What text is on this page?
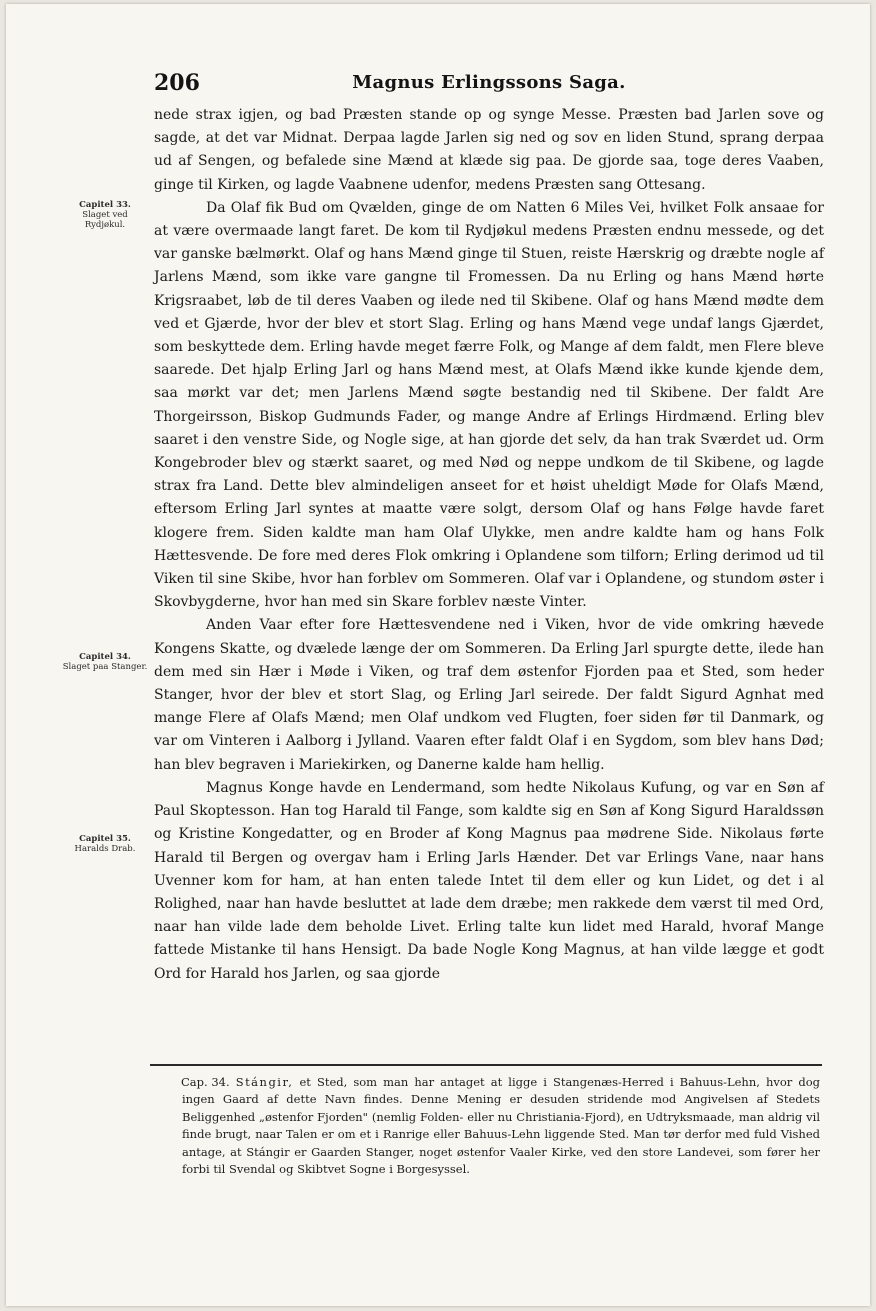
206	Magnus Erlingssons Saga.
Capitel 33.
Slaget ved Rydjøkul.
Capitel 34.
Slaget paa Stanger.
Capitel 35.
Haralds Drab.

nede strax igjen, og bad Præsten stande op og synge Messe. Præsten bad Jarlen sove og sagde, at det var Midnat. Derpaa lagde Jarlen sig ned og sov en liden Stund, sprang derpaa ud af Sengen, og befalede sine Mænd at klæde sig paa. De gjorde saa, toge deres Vaaben, ginge til Kirken, og lagde Vaabnene udenfor, medens Præsten sang Ottesang.

Da Olaf fik Bud om Qvælden, ginge de om Natten 6 Miles Vei, hvilket Folk ansaae for at være overmaade langt faret. De kom til Rydjøkul medens Præsten endnu messede, og det var ganske bælmørkt. Olaf og hans Mænd ginge til Stuen, reiste Hærskrig og dræbte nogle af Jarlens Mænd, som ikke vare gangne til Fromessen. Da nu Erling og hans Mænd hørte Krigsraabet, løb de til deres Vaaben og ilede ned til Skibene. Olaf og hans Mænd mødte dem ved et Gjærde, hvor der blev et stort Slag. Erling og hans Mænd vege undaf langs Gjærdet, som beskyttede dem. Erling havde meget færre Folk, og Mange af dem faldt, men Flere bleve saarede. Det hjalp Erling Jarl og hans Mænd mest, at Olafs Mænd ikke kunde kjende dem, saa mørkt var det; men Jarlens Mænd søgte bestandig ned til Skibene. Der faldt Are Thorgeirsson, Biskop Gudmunds Fader, og mange Andre af Erlings Hirdmænd. Erling blev saaret i den venstre Side, og Nogle sige, at han gjorde det selv, da han trak Sværdet ud. Orm Kongebroder blev og stærkt saaret, og med Nød og neppe undkom de til Skibene, og lagde strax fra Land. Dette blev almindeligen anseet for et høist uheldigt Møde for Olafs Mænd, eftersom Erling Jarl syntes at maatte være solgt, dersom Olaf og hans Følge havde faret klogere frem. Siden kaldte man ham Olaf Ulykke, men andre kaldte ham og hans Folk Hættesvende. De fore med deres Flok omkring i Oplandene som tilforn; Erling derimod ud til Viken til sine Skibe, hvor han forblev om Sommeren. Olaf var i Oplandene, og stundom øster i Skovbygderne, hvor han med sin Skare forblev næste Vinter.

Anden Vaar efter fore Hættesvendene ned i Viken, hvor de vide omkring hævede Kongens Skatte, og dvælede længe der om Sommeren. Da Erling Jarl spurgte dette, ilede han dem med sin Hær i Møde i Viken, og traf dem østenfor Fjorden paa et Sted, som heder Stanger, hvor der blev et stort Slag, og Erling Jarl seirede. Der faldt Sigurd Agnhat med mange Flere af Olafs Mænd; men Olaf undkom ved Flugten, foer siden før til Danmark, og var om Vinteren i Aalborg i Jylland. Vaaren efter faldt Olaf i en Sygdom, som blev hans Død; han blev begraven i Mariekirken, og Danerne kalde ham hellig.

Magnus Konge havde en Lendermand, som hedte Nikolaus Kufung, og var en Søn af Paul Skoptesson. Han tog Harald til Fange, som kaldte sig en Søn af Kong Sigurd Haraldssøn og Kristine Kongedatter, og en Broder af Kong Magnus paa mødrene Side. Nikolaus førte Harald til Bergen og overgav ham i Erling Jarls Hænder. Det var Erlings Vane, naar hans Uvenner kom for ham, at han enten talede Intet til dem eller og kun Lidet, og det i al Rolighed, naar han havde besluttet at lade dem dræbe; men rakkede dem værst til med Ord, naar han vilde lade dem beholde Livet. Erling talte kun lidet med Harald, hvoraf Mange fattede Mistanke til hans Hensigt. Da bade Nogle Kong Magnus, at han vilde lægge et godt Ord for Harald hos Jarlen, og saa gjorde

Cap. 34. Stángir, et Sted, som man har antaget at ligge i Stangenæs-Herred i Bahuus-Lehn, hvor dog ingen Gaard af dette Navn findes. Denne Mening er desuden stridende mod Angivelsen af Stedets Beliggenhed „østenfor Fjorden" (nemlig Folden- eller nu Christiania-Fjord), en Udtryksmaade, man aldrig vil finde brugt, naar Talen er om et i Ranrige eller Bahuus-Lehn liggende Sted. Man tør derfor med fuld Vished antage, at Stángir er Gaarden Stanger, noget østenfor Vaaler Kirke, ved den store Landevei, som fører her forbi til Svendal og Skibtvet Sogne i Borgesyssel.
